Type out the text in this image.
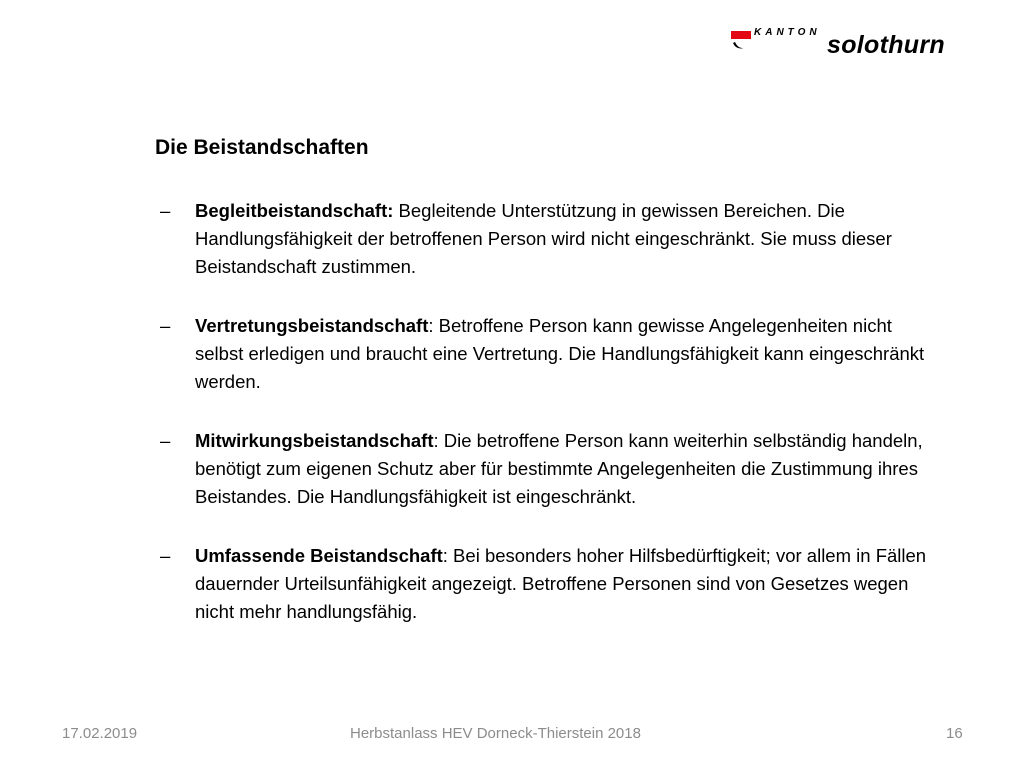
KANTON solothurn
Die Beistandschaften
– Begleitbeistandschaft: Begleitende Unterstützung in gewissen Bereichen. Die Handlungsfähigkeit der betroffenen Person wird nicht eingeschränkt. Sie muss dieser Beistandschaft zustimmen.
– Vertretungsbeistandschaft: Betroffene Person kann gewisse Angelegenheiten nicht selbst erledigen und braucht eine Vertretung. Die Handlungsfähigkeit kann eingeschränkt werden.
– Mitwirkungsbeistandschaft: Die betroffene Person kann weiterhin selbständig handeln, benötigt zum eigenen Schutz aber für bestimmte Angelegenheiten die Zustimmung ihres Beistandes. Die Handlungsfähigkeit ist eingeschränkt.
– Umfassende Beistandschaft: Bei besonders hoher Hilfsbedürftigkeit; vor allem in Fällen dauernder Urteilsunfähigkeit angezeigt. Betroffene Personen sind von Gesetzes wegen nicht mehr handlungsfähig.
17.02.2019	Herbstanlass HEV Dorneck-Thierstein 2018	16
